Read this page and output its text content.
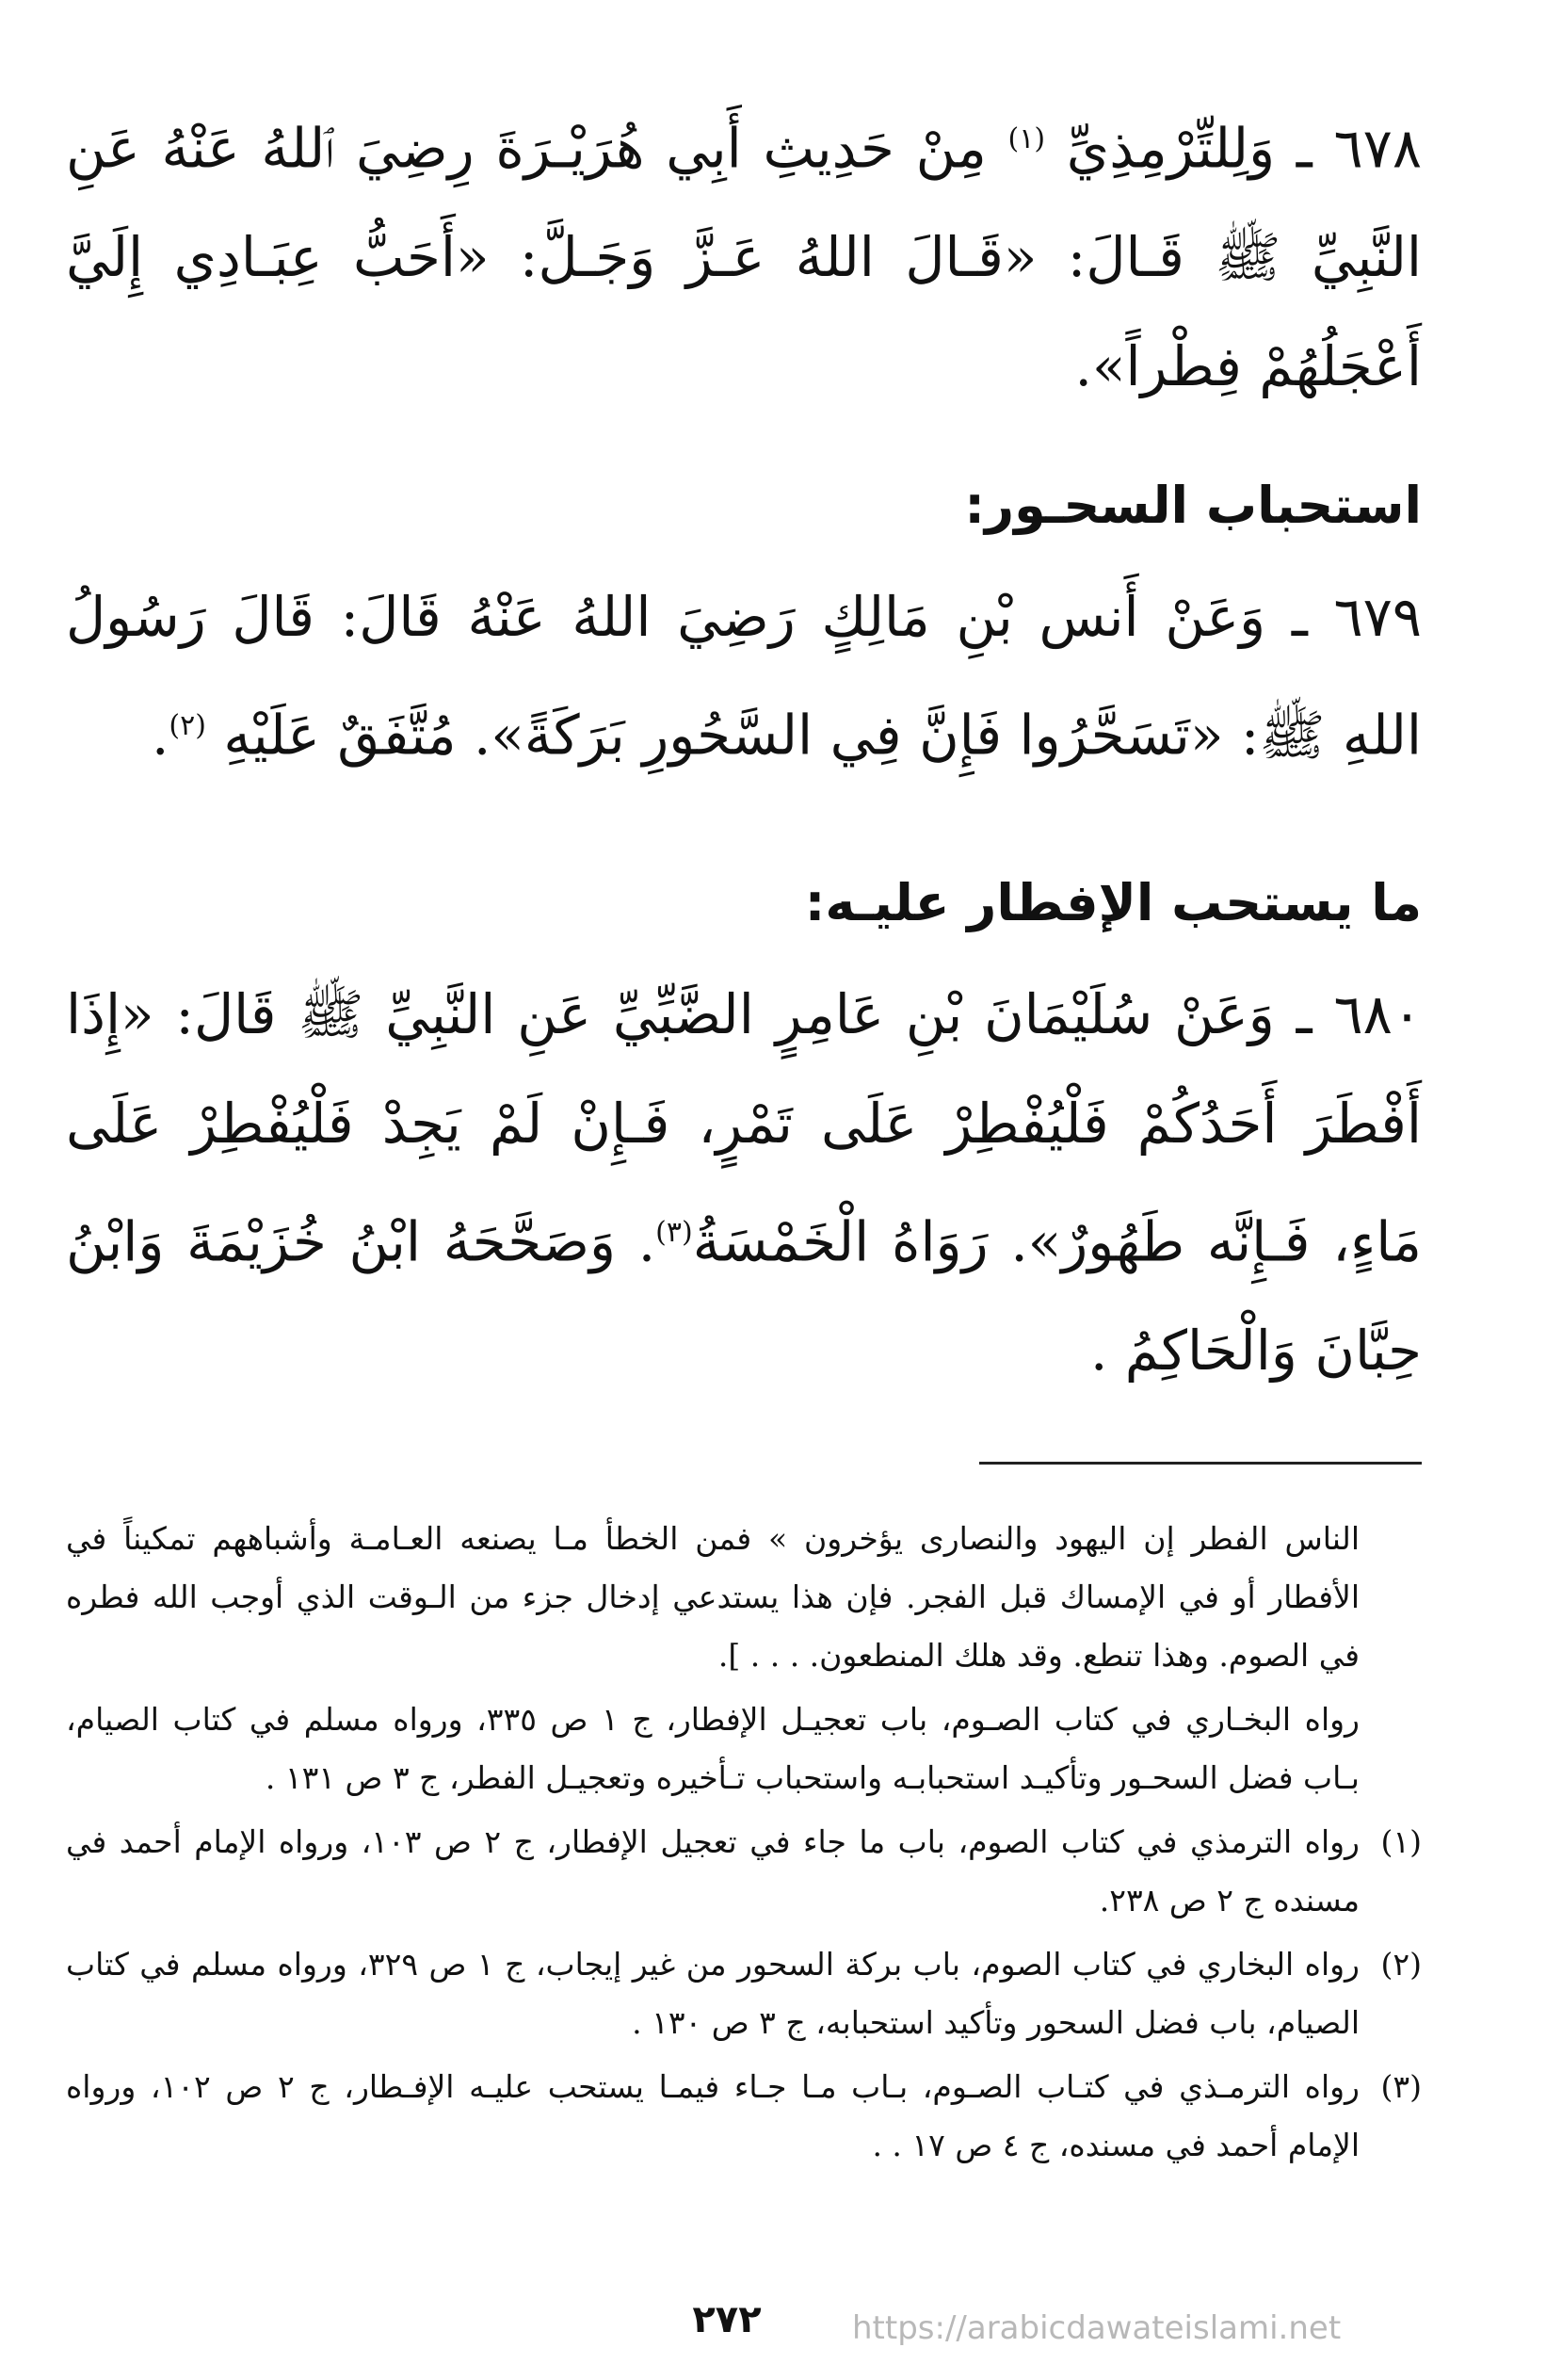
٦٧٨ ـ وَلِلتِّرْمِذِيِّ $^{(١)}$ مِنْ حَدِيثِ أَبِي هُرَيْـرَةَ رِضِيَ ٱللهُ عَنْهُ عَنِ النَّبِيِّ ﷺ قَـالَ: «قَـالَ اللهُ عَـزَّ وَجَـلَّ: «أَحَبُّ عِبَـادِي إِلَيَّ أَعْجَلُهُمْ فِطْراً».

استحباب السحـور:

٦٧٩ ـ وَعَنْ أَنس بْنِ مَالِكٍ رَضِيَ اللهُ عَنْهُ قَالَ: قَالَ رَسُولُ اللهِ ﷺ: «تَسَحَّرُوا فَإِنَّ فِي السَّحُورِ بَرَكَةً». مُتَّفَقٌ عَلَيْهِ $^{(٢)}$.

ما يستحب الإفطار عليـه:

٦٨٠ ـ وَعَنْ سُلَيْمَانَ بْنِ عَامِرٍ الضَّبِّيِّ عَنِ النَّبِيِّ ﷺ قَالَ: «إِذَا أَفْطَرَ أَحَدُكُمْ فَلْيُفْطِرْ عَلَى تَمْرٍ، فَـإِنْ لَمْ يَجِدْ فَلْيُفْطِرْ عَلَى مَاءٍ، فَـإِنَّه طَهُورٌ». رَوَاهُ الْخَمْسَةُ$^{(٣)}$. وَصَحَّحَهُ ابْنُ خُزَيْمَةَ وَابْنُ حِبَّانَ وَالْحَاكِمُ .

الناس الفطر إن اليهود والنصارى يؤخرون » فمن الخطأ مـا يصنعه العـامـة وأشباههم تمكيناً في الأفطار أو في الإمساك قبل الفجر. فإن هذا يستدعي إدخال جزء من الـوقت الذي أوجب الله فطره في الصوم. وهذا تنطع. وقد هلك المنطعون. . . . ].

رواه البخـاري في كتاب الصـوم، باب تعجيـل الإفطار، ج ١ ص ٣٣٥، ورواه مسلم في كتاب الصيام، بـاب فضل السحـور وتأكيـد استحبابـه واستحباب تـأخيره وتعجيـل الفطر، ج ٣ ص ١٣١ .

(١)
رواه الترمذي في كتاب الصوم، باب ما جاء في تعجيل الإفطار، ج ٢ ص ١٠٣، ورواه الإمام أحمد في مسنده ج ٢ ص ٢٣٨.

(٢)
رواه البخاري في كتاب الصوم، باب بركة السحور من غير إيجاب، ج ١ ص ٣٢٩، ورواه مسلم في كتاب الصيام، باب فضل السحور وتأكيد استحبابه، ج ٣ ص ١٣٠ .

(٣)
رواه الترمـذي في كتـاب الصـوم، بـاب مـا جـاء فيمـا يستحب عليـه الإفـطار، ج ٢ ص ١٠٢، ورواه الإمام أحمد في مسنده، ج ٤ ص ١٧ . .

٢٧٢	https://arabicdawateislami.net
